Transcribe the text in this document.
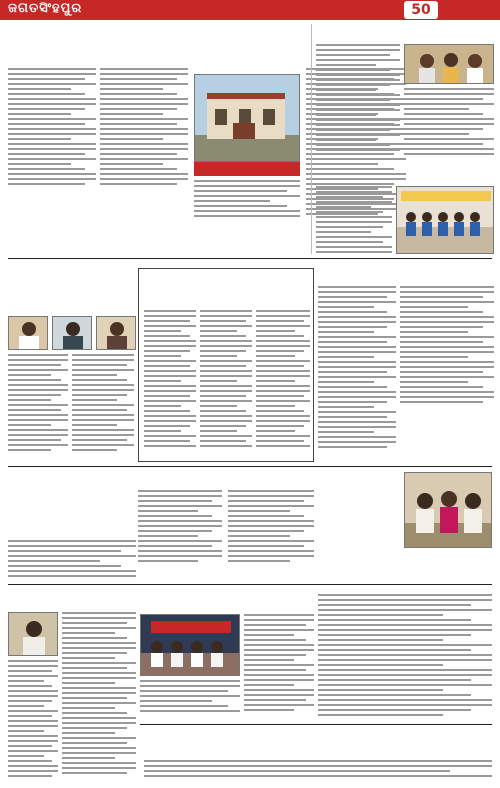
ଜଗତସିଂହପୁର	50
